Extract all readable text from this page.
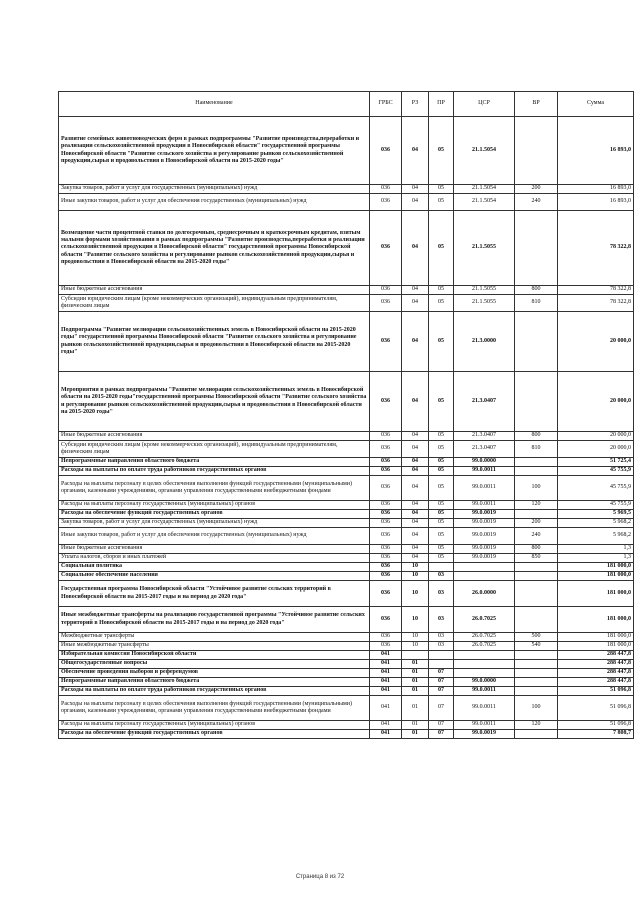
Наименование	ГРБС	РЗ	ПР	ЦСР	ВР	Сумма
Развитие семейных животноводческих ферм в рамках подпрограммы "Развитие производства,переработки и реализации сельскохозяйственной продукции в Новосибирской области" государственной программы Новосибирской области "Развитие сельского хозяйства и регулирование рынков сельскохозяйственной продукции,сырья и продовольствия в Новосибирской области на 2015-2020 годы"	036	04	05	21.1.5054		16 893,0
Закупка товаров, работ и услуг для государственных (муниципальных) нужд	036	04	05	21.1.5054	200	16 893,0
Иные закупки товаров, работ и услуг для обеспечения государственных (муниципальных) нужд	036	04	05	21.1.5054	240	16 893,0
Возмещение части процентной ставки по долгосрочным, среднесрочным и краткосрочным кредитам, взятым малыми формами хозяйствования в рамках подпрограммы "Развитие производства,переработки и реализации сельскохозяйственной продукции в Новосибирской области" государственной программы Новосибирской области "Развитие сельского хозяйства и регулирование рынков сельскохозяйственной продукции,сырья и продовольствия в Новосибирской области на 2015-2020 годы"	036	04	05	21.1.5055		78 322,8
Иные бюджетные ассигнования	036	04	05	21.1.5055	800	78 322,8
Субсидии юридическим лицам (кроме некоммерческих организаций), индивидуальным предпринимателям, физическим лицам	036	04	05	21.1.5055	810	78 322,8
Подпрограмма "Развитие мелиорации сельскохозяйственных земель в Новосибирской области на 2015-2020 годы" государственной программы Новосибирской области "Развитие сельского хозяйства и регулирование рынков сельскохозяйственной продукции,сырья и продовольствия в Новосибирской области на 2015-2020 годы"	036	04	05	21.3.0000		20 000,0
Мероприятия в рамках подпрограммы "Развитие мелиорации сельскохозяйственных земель в Новосибирской области на 2015-2020 годы"государственной программы Новосибирской области "Развитие сельского хозяйства и регулирование рынков сельскохозяйственной продукции,сырья и продовольствия в Новосибирской области на 2015-2020 годы"	036	04	05	21.3.0407		20 000,0
Иные бюджетные ассигнования	036	04	05	21.3.0407	800	20 000,0
Субсидии юридическим лицам (кроме некоммерческих организаций), индивидуальным предпринимателям, физическим лицам	036	04	05	21.3.0407	810	20 000,0
Непрограммные направления областного бюджета	036	04	05	99.0.0000		51 725,4
Расходы на выплаты по оплате труда работников государственных органов	036	04	05	99.0.0011		45 755,9
Расходы на выплаты персоналу в целях обеспечения выполнения функций государственными (муниципальными) органами, казенными учреждениями, органами управления государственными внебюджетными фондами	036	04	05	99.0.0011	100	45 755,9
Расходы на выплаты персоналу государственных (муниципальных) органов	036	04	05	99.0.0011	120	45 755,9
Расходы на обеспечение функций государственных органов	036	04	05	99.0.0019		5 969,5
Закупка товаров, работ и услуг для государственных (муниципальных) нужд	036	04	05	99.0.0019	200	5 968,2
Иные закупки товаров, работ и услуг для обеспечения государственных (муниципальных) нужд	036	04	05	99.0.0019	240	5 968,2
Иные бюджетные ассигнования	036	04	05	99.0.0019	800	1,3
Уплата налогов, сборов и иных платежей	036	04	05	99.0.0019	850	1,3
Социальная политика	036	10				181 000,0
Социальное обеспечение населения	036	10	03			181 000,0
Государственная программа Новосибирской области "Устойчивое развитие сельских территорий в Новосибирской области на 2015-2017 годы и на период до 2020 года"	036	10	03	26.0.0000		181 000,0
Иные межбюджетные трансферты на реализацию государственной программы "Устойчивое развитие сельских территорий в Новосибирской области на 2015-2017 годы и на период до 2020 года"	036	10	03	26.0.7025		181 000,0
Межбюджетные трансферты	036	10	03	26.0.7025	500	181 000,0
Иные межбюджетные трансферты	036	10	03	26.0.7025	540	181 000,0
Избирательная комиссия Новосибирской области	041					288 447,8
Общегосударственные вопросы	041	01				288 447,8
Обеспечение проведения выборов и референдумов	041	01	07			288 447,8
Непрограммные направления областного бюджета	041	01	07	99.0.0000		288 447,8
Расходы на выплаты по оплате труда работников государственных органов	041	01	07	99.0.0011		51 096,8
Расходы на выплаты персоналу в целях обеспечения выполнения функций государственными (муниципальными) органами, казенными учреждениями, органами управления государственными внебюджетными фондами	041	01	07	99.0.0011	100	51 096,8
Расходы на выплаты персоналу государственных (муниципальных) органов	041	01	07	99.0.0011	120	51 096,8
Расходы на обеспечение функций государственных органов	041	01	07	99.0.0019		7 808,7
Страница 8 из 72
